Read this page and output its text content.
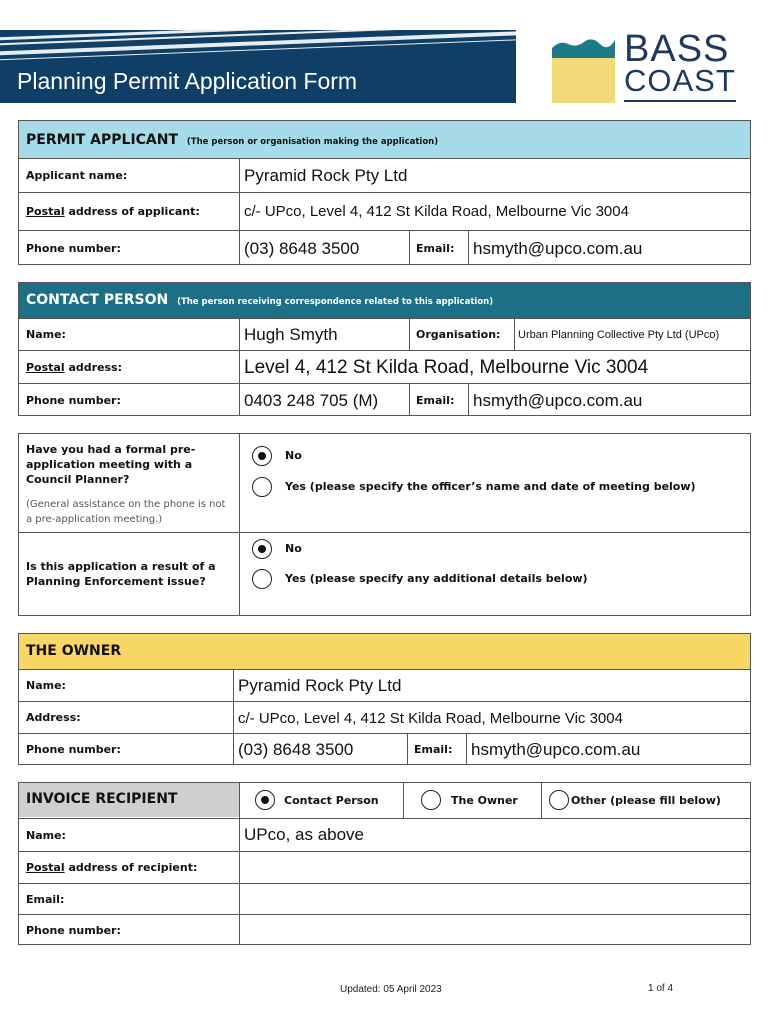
Planning Permit Application Form
BASS
COAST
PERMIT APPLICANT (The person or organisation making the application)
Applicant name:	Pyramid Rock Pty Ltd
Postal address of applicant:	c/- UPco, Level 4, 412 St Kilda Road, Melbourne Vic 3004
Phone number:	(03) 8648 3500	Email: hsmyth@upco.com.au
CONTACT PERSON (The person receiving correspondence related to this application)
Name:	Hugh Smyth	Organisation: Urban Planning Collective Pty Ltd (UPco)
Postal address:	Level 4, 412 St Kilda Road, Melbourne Vic 3004
Phone number:	0403 248 705 (M)	Email: hsmyth@upco.com.au
Have you had a formal pre-application meeting with a Council Planner?
(General assistance on the phone is not a pre-application meeting.)
No
Yes (please specify the officer’s name and date of meeting below)
Is this application a result of a Planning Enforcement issue?
No
Yes (please specify any additional details below)
THE OWNER
Name:	Pyramid Rock Pty Ltd
Address:	c/- UPco, Level 4, 412 St Kilda Road, Melbourne Vic 3004
Phone number:	(03) 8648 3500	Email: hsmyth@upco.com.au
INVOICE RECIPIENT	Contact Person	The Owner	Other (please fill below)
Name:	UPco, as above
Postal address of recipient:
Email:
Phone number:
Updated: 05 April 2023	1 of 4
